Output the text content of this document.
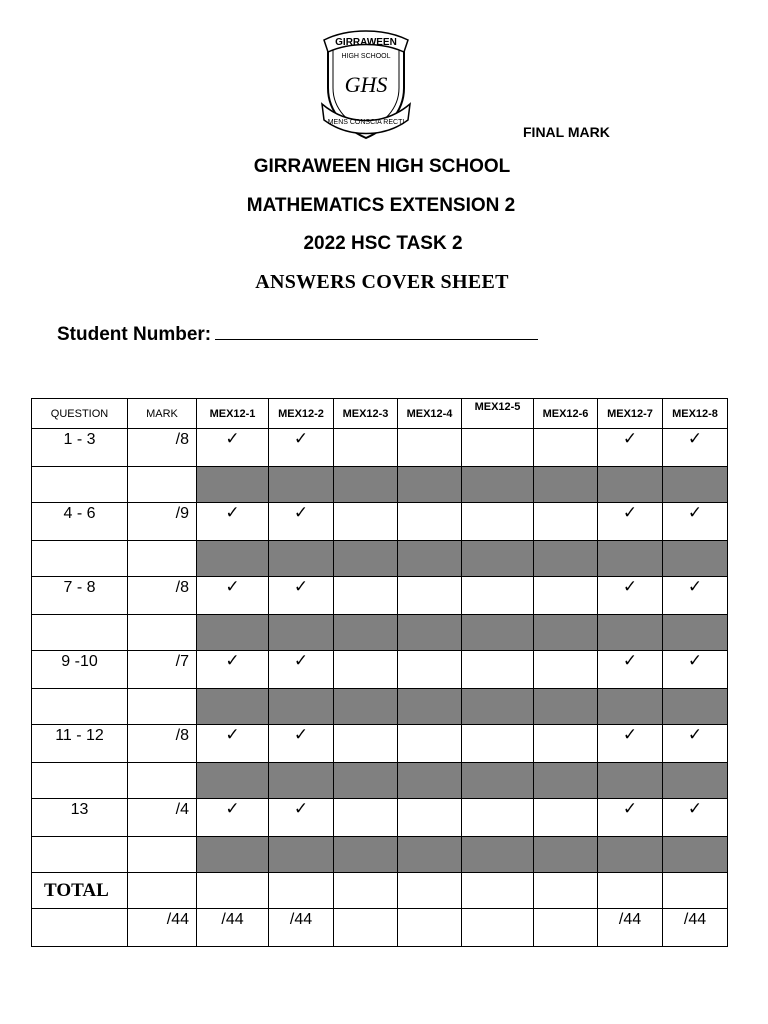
GIRRAWEEN
HIGH SCHOOL
GHS
MENS CONSCIA RECTI
FINAL MARK
GIRRAWEEN HIGH SCHOOL
MATHEMATICS EXTENSION 2
2022 HSC TASK 2
ANSWERS COVER SHEET
Student Number:
QUESTION	MARK	MEX12-1	MEX12-2	MEX12-3	MEX12-4	MEX12-5	MEX12-6	MEX12-7	MEX12-8
1 - 3	/8	✓	✓					✓	✓

4 - 6	/9	✓	✓					✓	✓

7 - 8	/8	✓	✓					✓	✓

9 -10	/7	✓	✓					✓	✓

11 - 12	/8	✓	✓					✓	✓

13	/4	✓	✓					✓	✓

TOTAL									
	/44	/44	/44					/44	/44
